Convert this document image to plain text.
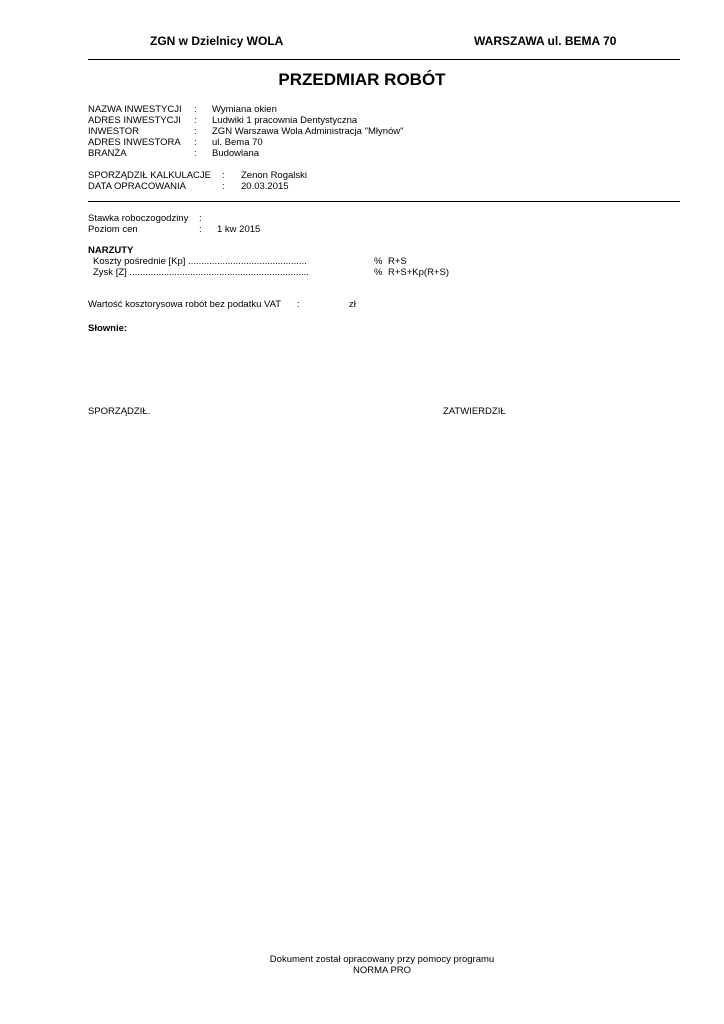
ZGN w Dzielnicy WOLA	WARSZAWA ul. BEMA 70
PRZEDMIAR ROBÓT
NAZWA INWESTYCJI : Wymiana okien
ADRES INWESTYCJI : Ludwiki 1 pracownia Dentystyczna
INWESTOR	: ZGN Warszawa Wola Administracja "Młynów"
ADRES INWESTORA : ul. Bema 70
BRANŻA	: Budowlana
SPORZĄDZIŁ KALKULACJE : Zenon Rogalski
DATA OPRACOWANIA	: 20.03.2015
Stawka roboczogodziny :
Poziom cen	: 1 kw 2015
NARZUTY
Koszty pośrednie [Kp] .............................................	% R+S
Zysk [Z] ....................................................................	% R+S+Kp(R+S)
Wartość kosztorysowa robót bez podatku VAT :	zł
Słownie:
SPORZĄDZIŁ.	ZATWIERDZIŁ
Dokument został opracowany przy pomocy programu
NORMA PRO
